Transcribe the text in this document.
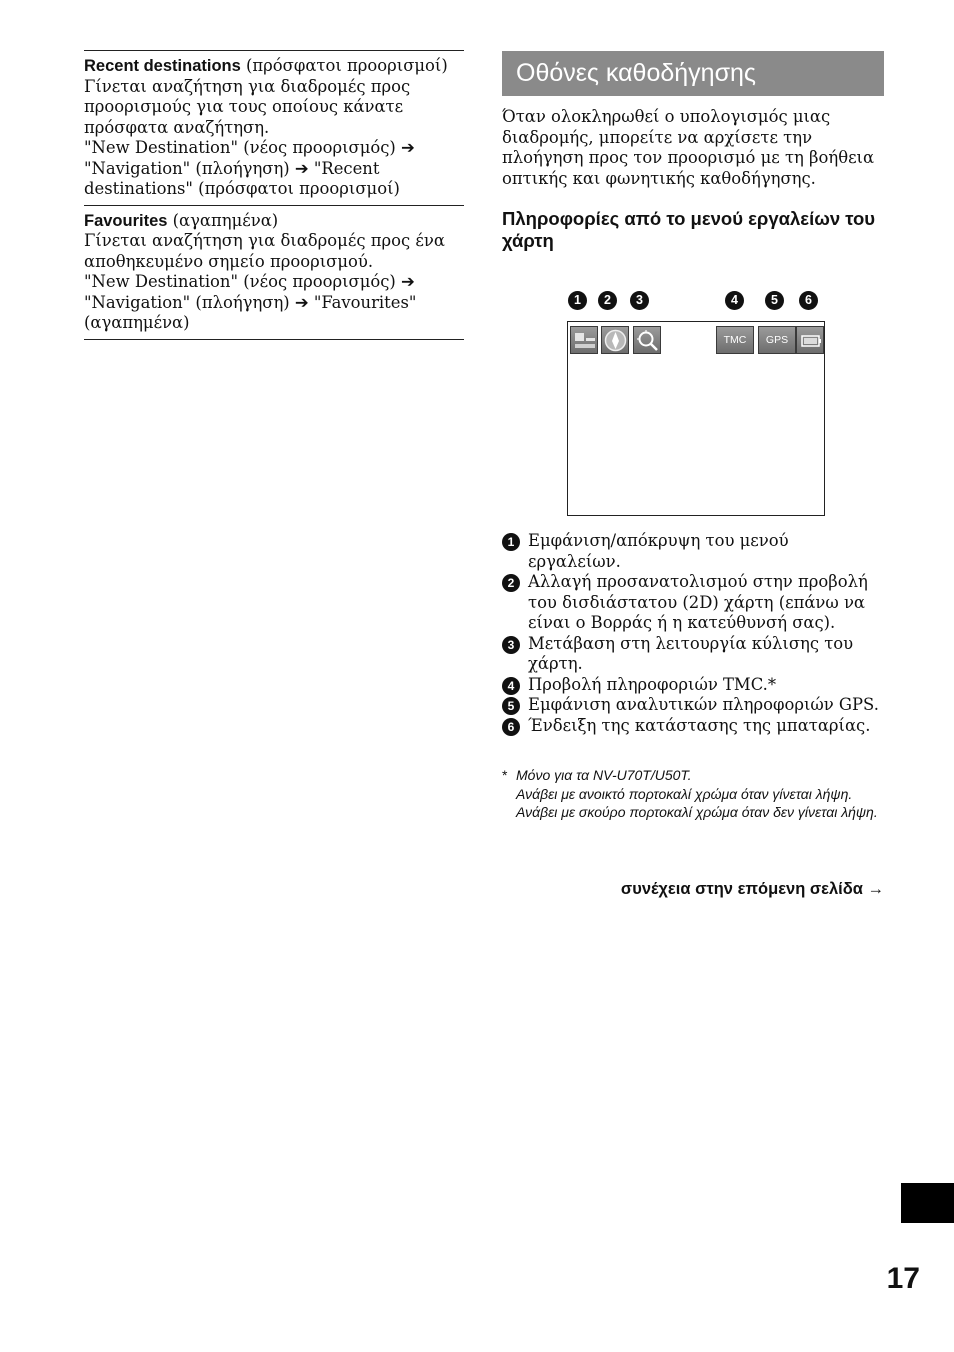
Recent destinations (πρόσφατοι προορισμοί)

Γίνεται αναζήτηση για διαδρομές προς προορισμούς για τους οποίους κάνατε πρόσφατα αναζήτηση.

"New Destination" (νέος προορισμός) ➔ "Navigation" (πλοήγηση) ➔ "Recent destinations" (πρόσφατοι προορισμοί)

Favourites (αγαπημένα)

Γίνεται αναζήτηση για διαδρομές προς ένα αποθηκευμένο σημείο προορισμού.

"New Destination" (νέος προορισμός) ➔ "Navigation" (πλοήγηση) ➔ "Favourites" (αγαπημένα)

Οθόνες καθοδήγησης

Όταν ολοκληρωθεί ο υπολογισμός μιας διαδρομής, μπορείτε να αρχίσετε την πλοήγηση προς τον προορισμό με τη βοήθεια οπτικής και φωνητικής καθοδήγησης.

Πληροφορίες από το μενού εργαλείων του χάρτη

1	2	3	4	5	6
TMC	GPS
1 Εμφάνιση/απόκρυψη του μενού εργαλείων.
2 Αλλαγή προσανατολισμού στην προβολή του δισδιάστατου (2D) χάρτη (επάνω να είναι ο Βορράς ή η κατεύθυνσή σας).
3 Μετάβαση στη λειτουργία κύλισης του χάρτη.
4 Προβολή πληροφοριών TMC.*
5 Εμφάνιση αναλυτικών πληροφοριών GPS.
6 Ένδειξη της κατάστασης της μπαταρίας.
* Μόνο για τα NV-U70T/U50T.
Ανάβει με ανοικτό πορτοκαλί χρώμα όταν γίνεται λήψη.
Ανάβει με σκούρο πορτοκαλί χρώμα όταν δεν γίνεται λήψη.
συνέχεια στην επόμενη σελίδα →
17
